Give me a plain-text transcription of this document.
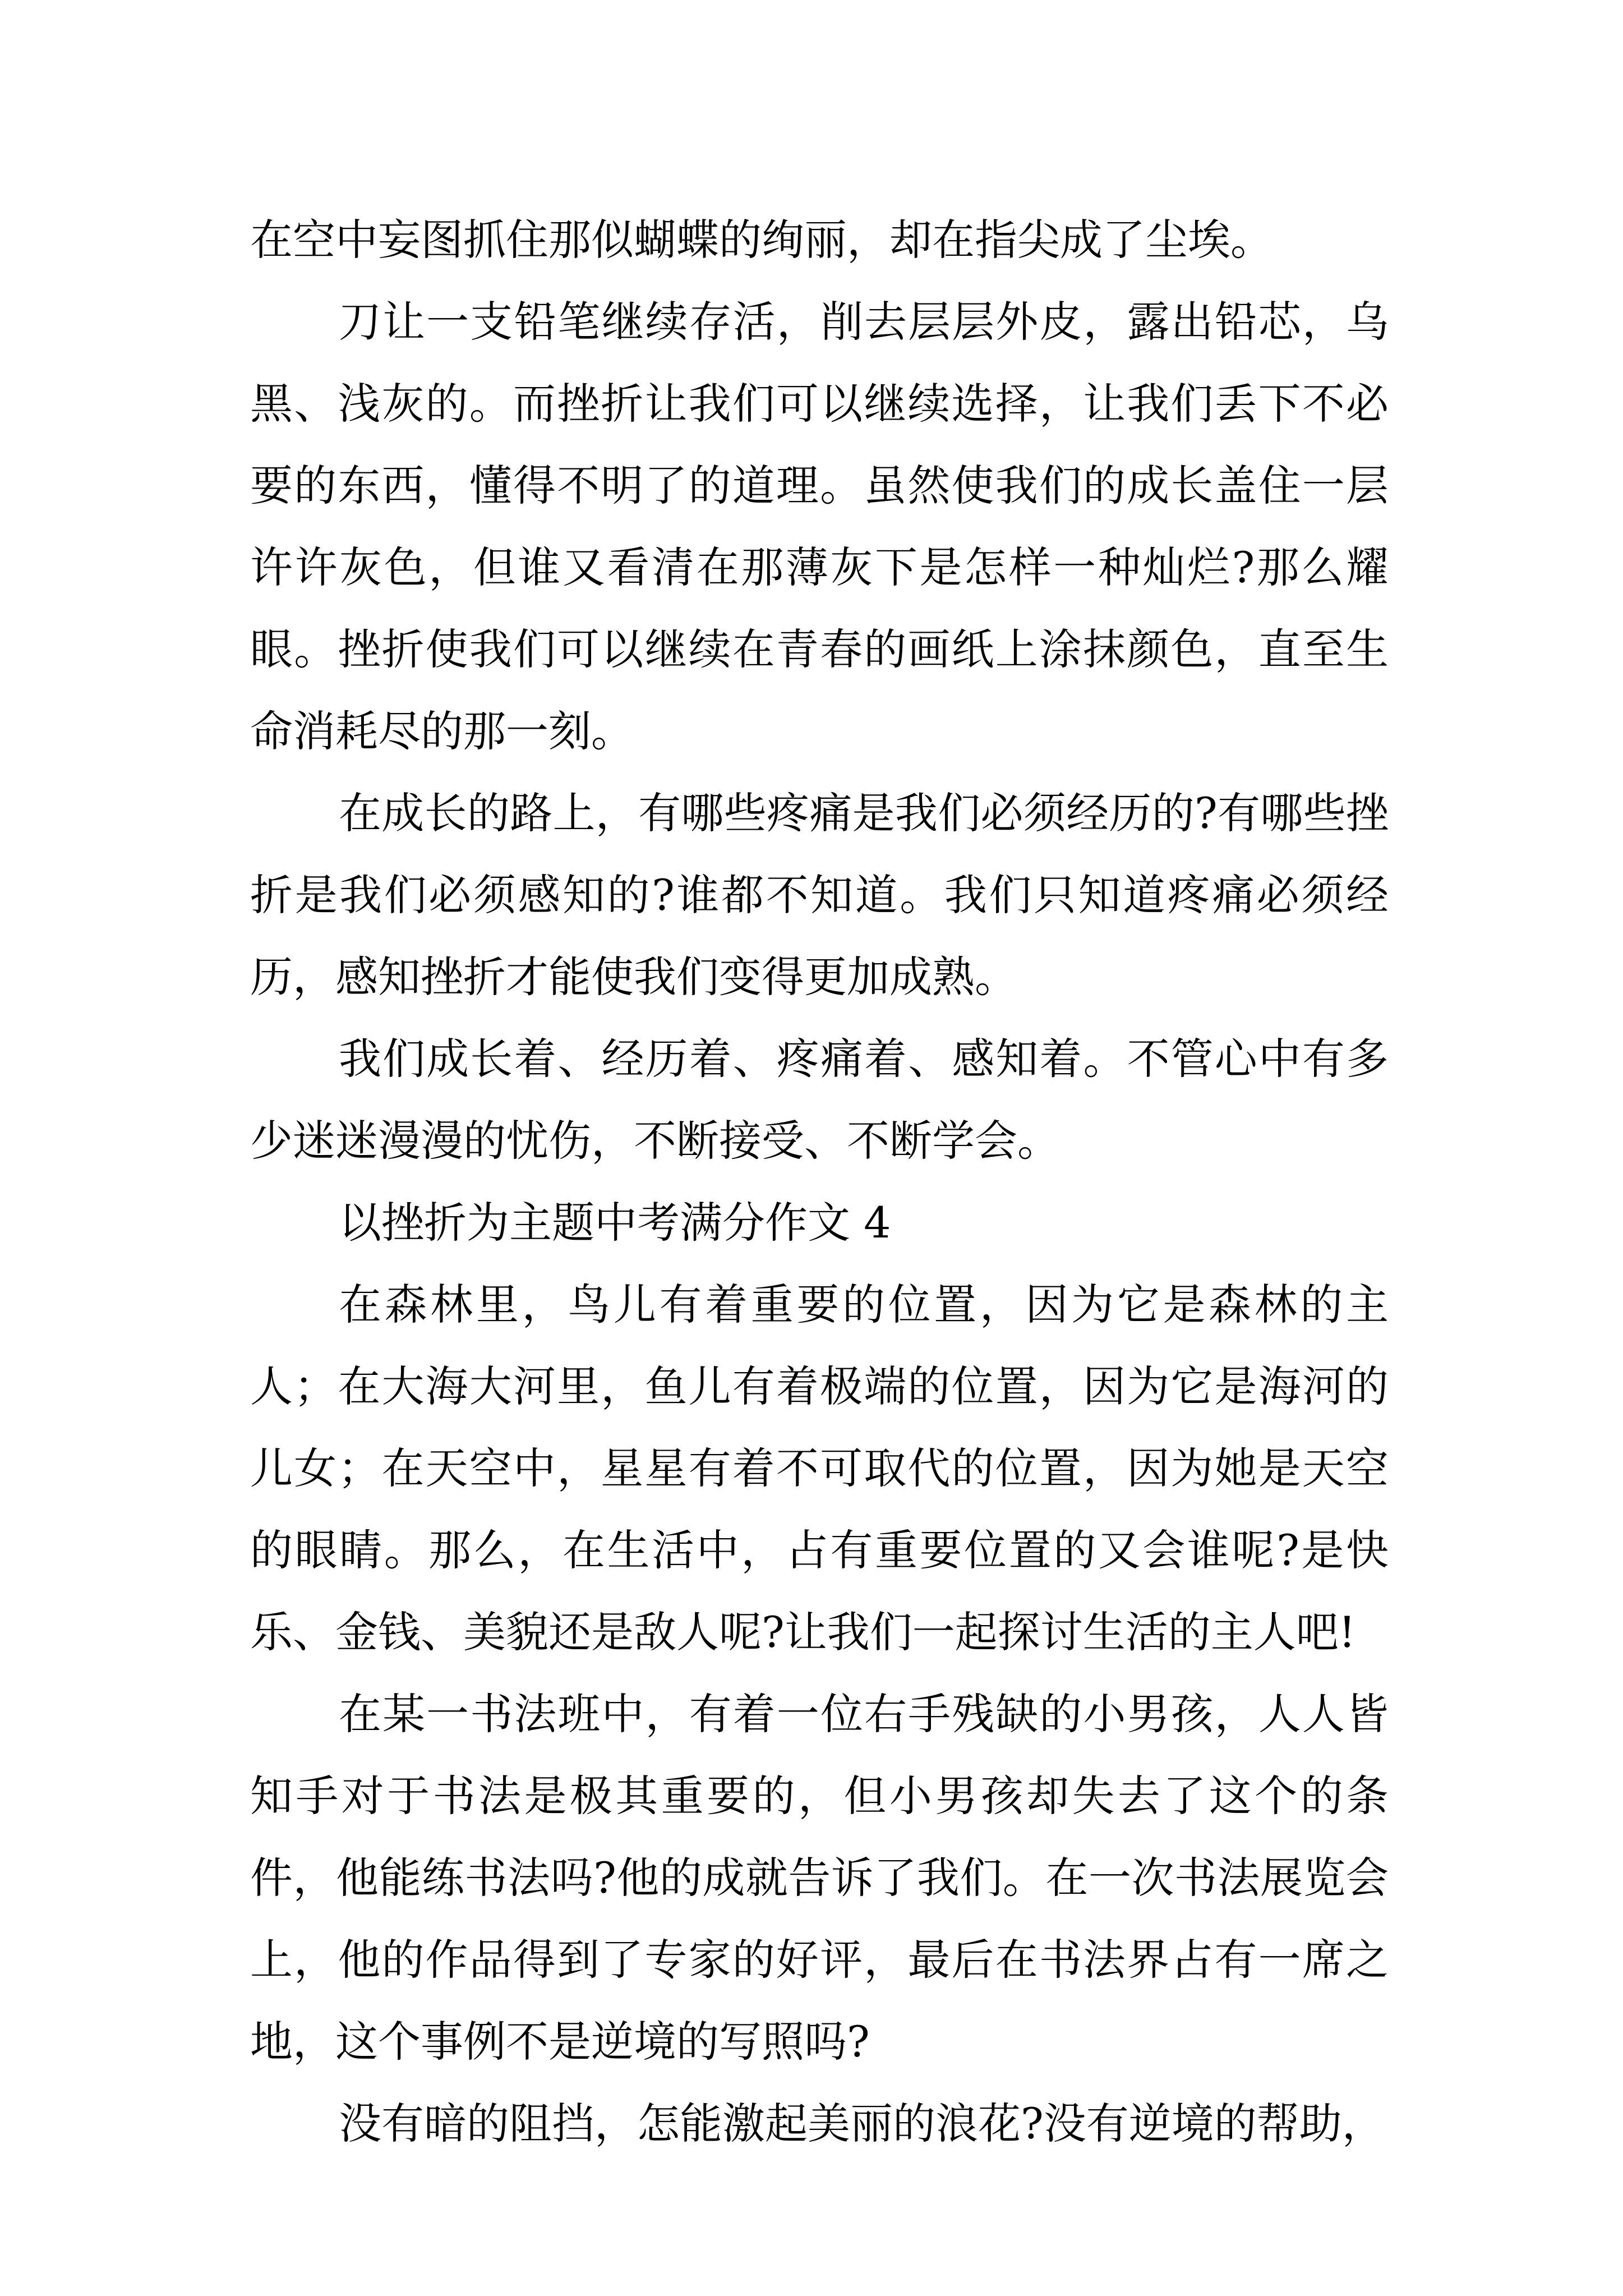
在空中妄图抓住那似蝴蝶的绚丽，却在指尖成了尘埃。

刀让一支铅笔继续存活，削去层层外皮，露出铅芯，乌黑、浅灰的。而挫折让我们可以继续选择，让我们丢下不必要的东西，懂得不明了的道理。虽然使我们的成长盖住一层许许灰色，但谁又看清在那薄灰下是怎样一种灿烂?那么耀眼。挫折使我们可以继续在青春的画纸上涂抹颜色，直至生命消耗尽的那一刻。

在成长的路上，有哪些疼痛是我们必须经历的?有哪些挫折是我们必须感知的?谁都不知道。我们只知道疼痛必须经历，感知挫折才能使我们变得更加成熟。

我们成长着、经历着、疼痛着、感知着。不管心中有多少迷迷漫漫的忧伤，不断接受、不断学会。

以挫折为主题中考满分作文 4

在森林里，鸟儿有着重要的位置，因为它是森林的主人；在大海大河里，鱼儿有着极端的位置，因为它是海河的儿女；在天空中，星星有着不可取代的位置，因为她是天空的眼睛。那么，在生活中，占有重要位置的又会谁呢?是快乐、金钱、美貌还是敌人呢?让我们一起探讨生活的主人吧!

在某一书法班中，有着一位右手残缺的小男孩，人人皆知手对于书法是极其重要的，但小男孩却失去了这个的条件，他能练书法吗?他的成就告诉了我们。在一次书法展览会上，他的作品得到了专家的好评，最后在书法界占有一席之地，这个事例不是逆境的写照吗?

没有暗的阻挡，怎能激起美丽的浪花?没有逆境的帮助，
